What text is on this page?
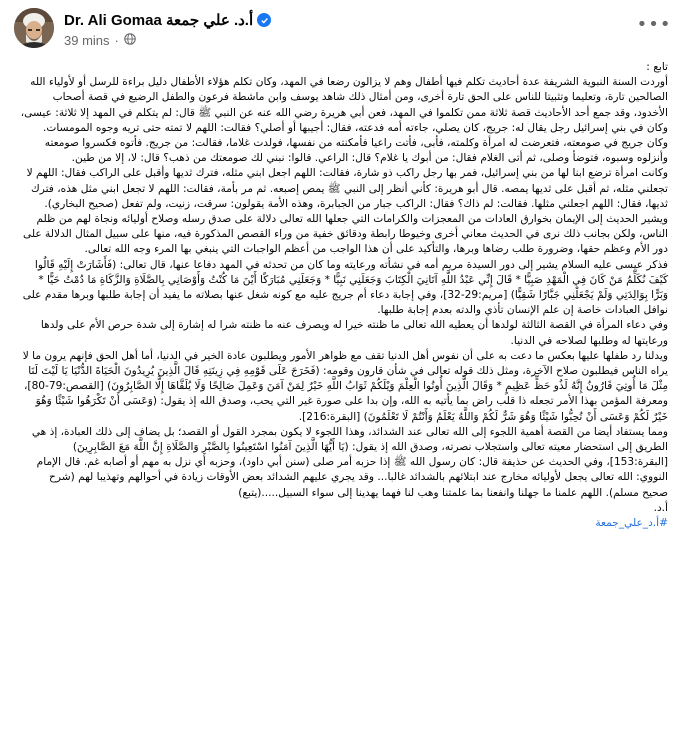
Dr. Ali Gomaa أ.د. علي جمعة
39 mins ·
•••

تابع :

أوردت السنة النبوية الشريفة عدة أحاديث تكلم فيها أطفال وهم لا يزالون رضعا في المهد، وكان تكلم هؤلاء الأطفال دليل براءة للرسل أو لأولياء الله الصالحين تارة، وتعليما وتثبيتا للناس على الحق تارة أخرى، ومن أمثال ذلك شاهد يوسف وابن ماشطة فرعون والطفل الرضيع في قصة أصحاب الأخدود، وقد جمع أحد الأحاديث قصة ثلاثة ممن تكلموا في المهد، فعن أبي هريرة رضي الله عنه عن النبي ﷺ قال: لم يتكلم في المهد إلا ثلاثة: عيسى، وكان في بني إسرائيل رجل يقال له: جريج، كان يصلي، جاءته أمه فدعته، فقال: أجيبها أو أصلي؟ فقالت: اللهم لا تمته حتى تريه وجوه المومسات. وكان جريج في صومعته، فتعرضت له امرأة وكلمته، فأبى، فأتت راعيا فأمكنته من نفسها، فولدت غلاما، فقالت: من جريج. فأتوه فكسروا صومعته وأنزلوه وسبوه، فتوضأ وصلى، ثم أتى الغلام فقال: من أبوك يا غلام؟ قال: الراعي. قالوا: نبني لك صومعتك من ذهب؟ قال: لا، إلا من طين.

وكانت امرأة ترضع ابنا لها من بني إسرائيل، فمر بها رجل راكب ذو شارة، فقالت: اللهم اجعل ابني مثله، فترك ثديها وأقبل على الراكب فقال: اللهم لا تجعلني مثله، ثم أقبل على ثديها يمصه. قال أبو هريرة: كأني أنظر إلى النبي ﷺ يمص إصبعه. ثم مر بأمة، فقالت: اللهم لا تجعل ابني مثل هذه، فترك ثديها، فقال: اللهم اجعلني مثلها. فقالت: لم ذاك؟ فقال: الراكب جبار من الجبابرة، وهذه الأمة يقولون: سرقت، زنيت، ولم تفعل (صحيح البخاري).

ويشير الحديث إلى الإيمان بخوارق العادات من المعجزات والكرامات التي جعلها الله تعالى دلالة على صدق رسله وصلاح أوليائه ونجاة لهم من ظلم الناس، ولكن بجانب ذلك نرى في الحديث معاني أخرى وخيوطا رابطة ودقائق خفية من وراء القصص المذكورة فيه، منها على سبيل المثال الدلالة على دور الأم وعظم حقها، وضرورة طلب رضاها وبرها، والتأكيد على أن هذا الواجب من أعظم الواجبات التي ينبغي بها المرء وجه الله تعالى.

فذكر عيسى عليه السلام يشير إلى دور السيدة مريم أمه في نشأته ورعايته وما كان من تحدثه في المهد دفاعا عنها، قال تعالى: (فَأَشَارَتْ إِلَيْهِ قَالُوا كَيْفَ نُكَلِّمُ مَنْ كَانَ فِي الْمَهْدِ صَبِيًّا * قَالَ إِنِّي عَبْدُ اللَّهِ آتَانِيَ الْكِتَابَ وَجَعَلَنِي نَبِيًّا * وَجَعَلَنِي مُبَارَكًا أَيْنَ مَا كُنْتُ وَأَوْصَانِي بِالصَّلَاةِ وَالزَّكَاةِ مَا دُمْتُ حَيًّا * وَبَرًّا بِوَالِدَتِي وَلَمْ يَجْعَلْنِي جَبَّارًا شَقِيًّا) [مريم:29-32]، وفي إجابة دعاء أم جريج عليه مع كونه شغل عنها بصلاته ما يفيد أن إجابة طلبها وبرها مقدم على نوافل العبادات خاصة إن علم الإنسان تأذي والدته بعدم إجابة طلبها.

وفي دعاء المرأة في القصة الثالثة لولدها أن يعطيه الله تعالى ما ظنته خيرا له ويصرف عنه ما ظنته شرا له إشارة إلى شدة حرص الأم على ولدها ورعايتها له وطلبها لصلاحه في الدنيا.

ويدلنا رد طفلها عليها بعكس ما دعت به على أن نفوس أهل الدنيا تقف مع ظواهر الأمور ويطلبون عادة الخير في الدنيا، أما أهل الحق فإنهم يرون ما لا يراه الناس فيطلبون صلاح الآخرة، ومثل ذلك قوله تعالى في شأن قارون وقومه: (فَخَرَجَ عَلَى قَوْمِهِ فِي زِينَتِهِ قَالَ الَّذِينَ يُرِيدُونَ الْحَيَاةَ الدُّنْيَا يَا لَيْتَ لَنَا مِثْلَ مَا أُوتِيَ قَارُونُ إِنَّهُ لَذُو حَظٍّ عَظِيمٍ * وَقَالَ الَّذِينَ أُوتُوا الْعِلْمَ وَيْلَكُمْ ثَوَابُ اللَّهِ خَيْرٌ لِمَنْ آمَنَ وَعَمِلَ صَالِحًا وَلَا يُلَقَّاهَا إِلَّا الصَّابِرُونَ) [القصص:79-80]، ومعرفة المؤمن بهذا الأمر تجعله ذا قلب راض بما يأتيه به الله، وإن بدا على صورة غير التي يحب، وصدق الله إذ يقول: (وَعَسَى أَنْ تَكْرَهُوا شَيْئًا وَهُوَ خَيْرٌ لَكُمْ وَعَسَى أَنْ تُحِبُّوا شَيْئًا وَهُوَ شَرٌّ لَكُمْ وَاللَّهُ يَعْلَمُ وَأَنْتُمْ لَا تَعْلَمُونَ) [البقرة:216].

ومما يستفاد أيضا من القصة أهمية اللجوء إلى الله تعالى عند الشدائد، وهذا اللجوء لا يكون بمجرد القول أو القصد؛ بل يضاف إلى ذلك العبادة، إذ هي الطريق إلى استحضار معيته تعالى واستجلاب نصرته، وصدق الله إذ يقول: (يَا أَيُّهَا الَّذِينَ آمَنُوا اسْتَعِينُوا بِالصَّبْرِ وَالصَّلَاةِ إِنَّ اللَّهَ مَعَ الصَّابِرِينَ) [البقرة:153]، وفي الحديث عن حذيفة قال: كان رسول الله ﷺ إذا حزبه أمر صلى (سنن أبي داود)، وحزبه أي نزل به مهم أو أصابه غم. قال الإمام النووي: الله تعالى يجعل لأوليائه مخارج عند ابتلائهم بالشدائد غالبا... وقد يجري عليهم الشدائد بعض الأوقات زيادة في أحوالهم وتهذيبا لهم (شرح صحيح مسلم). اللهم علمنا ما جهلنا وانفعنا بما علمتنا وهب لنا فهما يهدينا إلى سواء السبيل.....(يتبع)

أ.د.

#أ.د_علي_جمعة
